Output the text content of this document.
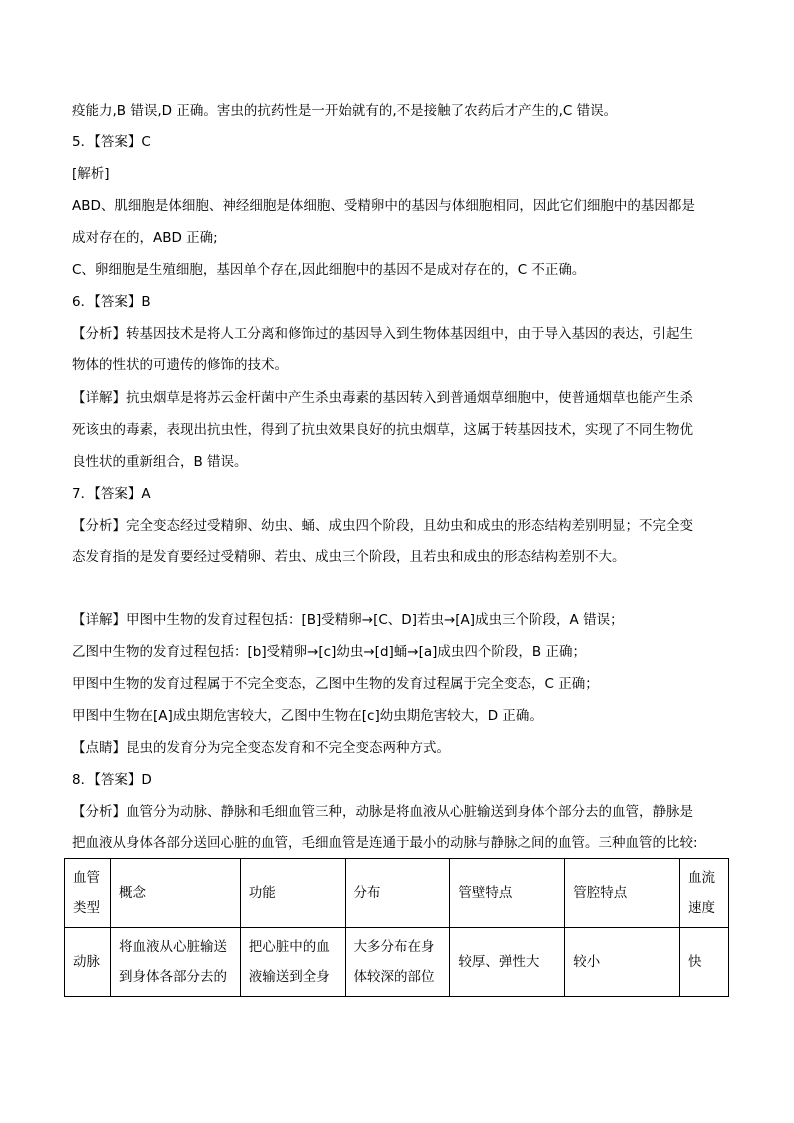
疫能力,B 错误,D 正确。害虫的抗药性是一开始就有的,不是接触了农药后才产生的,C 错误。
5．【答案】C
[解析]
ABD、肌细胞是体细胞、神经细胞是体细胞、受精卵中的基因与体细胞相同，因此它们细胞中的基因都是
成对存在的，ABD 正确;
C、卵细胞是生殖细胞，基因单个存在,因此细胞中的基因不是成对存在的，C 不正确。
6．【答案】B
【分析】转基因技术是将人工分离和修饰过的基因导入到生物体基因组中，由于导入基因的表达，引起生
物体的性状的可遗传的修饰的技术。
【详解】抗虫烟草是将苏云金杆菌中产生杀虫毒素的基因转入到普通烟草细胞中，使普通烟草也能产生杀
死该虫的毒素，表现出抗虫性，得到了抗虫效果良好的抗虫烟草，这属于转基因技术，实现了不同生物优
良性状的重新组合，B 错误。
7．【答案】A
【分析】完全变态经过受精卵、幼虫、蛹、成虫四个阶段，且幼虫和成虫的形态结构差别明显；不完全变
态发育指的是发育要经过受精卵、若虫、成虫三个阶段，且若虫和成虫的形态结构差别不大。
【详解】甲图中生物的发育过程包括：[B]受精卵→[C、D]若虫→[A]成虫三个阶段，A 错误；
乙图中生物的发育过程包括：[b]受精卵→[c]幼虫→[d]蛹→[a]成虫四个阶段，B 正确；
甲图中生物的发育过程属于不完全变态，乙图中生物的发育过程属于完全变态，C 正确；
甲图中生物在[A]成虫期危害较大，乙图中生物在[c]幼虫期危害较大，D 正确。
【点睛】昆虫的发育分为完全变态发育和不完全变态两种方式。
8．【答案】D
【分析】血管分为动脉、静脉和毛细血管三种，动脉是将血液从心脏输送到身体个部分去的血管，静脉是
把血液从身体各部分送回心脏的血管，毛细血管是连通于最小的动脉与静脉之间的血管。三种血管的比较:
血管类型	概念	功能	分布	管壁特点	管腔特点	血流速度
动脉	将血液从心脏输送到身体各部分去的	把心脏中的血液输送到全身	大多分布在身体较深的部位	较厚、弹性大	较小	快
